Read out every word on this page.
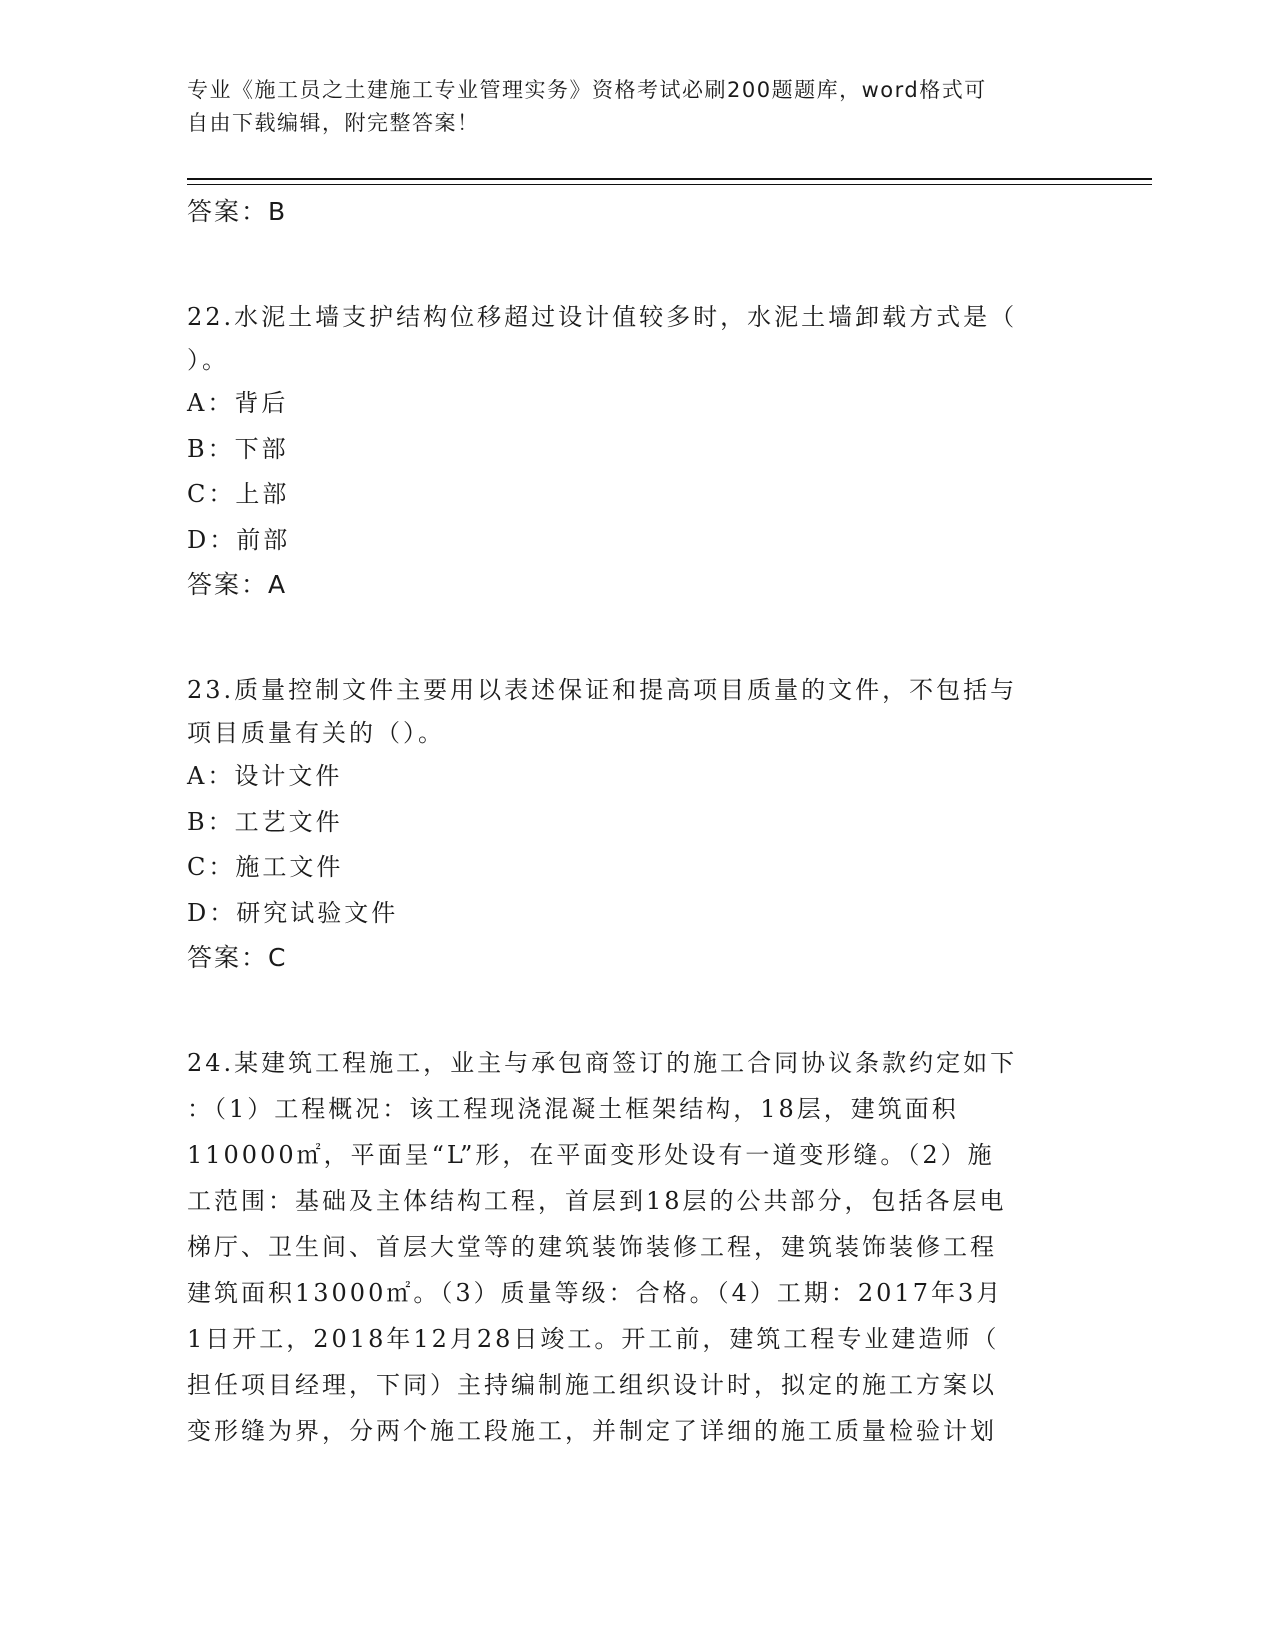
专业《施工员之土建施工专业管理实务》资格考试必刷200题题库，word格式可
自由下载编辑，附完整答案！
答案：B
22.水泥土墙支护结构位移超过设计值较多时，水泥土墙卸载方式是（
）。
A：背后
B：下部
C：上部
D：前部
答案：A
23.质量控制文件主要用以表述保证和提高项目质量的文件，不包括与
项目质量有关的（）。
A：设计文件
B：工艺文件
C：施工文件
D：研究试验文件
答案：C
24.某建筑工程施工，业主与承包商签订的施工合同协议条款约定如下
：（1）工程概况：该工程现浇混凝土框架结构，18层，建筑面积
110000㎡，平面呈“L”形，在平面变形处设有一道变形缝。（2）施
工范围：基础及主体结构工程，首层到18层的公共部分，包括各层电
梯厅、卫生间、首层大堂等的建筑装饰装修工程，建筑装饰装修工程
建筑面积13000㎡。（3）质量等级：合格。（4）工期：2017年3月
1日开工，2018年12月28日竣工。开工前，建筑工程专业建造师（
担任项目经理，下同）主持编制施工组织设计时，拟定的施工方案以
变形缝为界，分两个施工段施工，并制定了详细的施工质量检验计划
